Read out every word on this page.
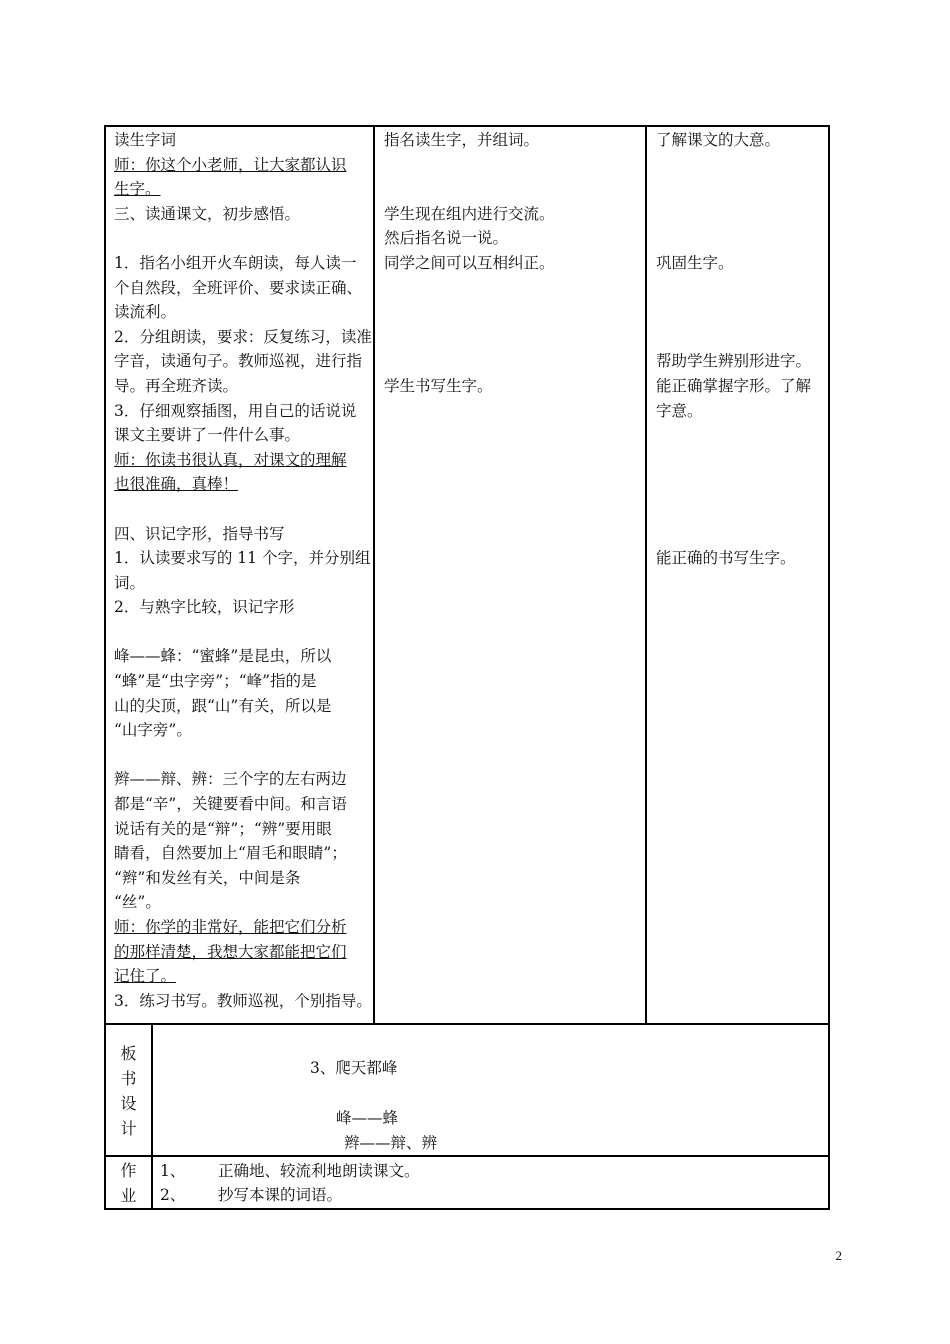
读生字词

师：你这个小老师，让大家都认识

生字。

三、读通课文，初步感悟。

1．指名小组开火车朗读，每人读一

个自然段，全班评价、要求读正确、

读流利。

2．分组朗读，要求：反复练习，读准

字音，读通句子。教师巡视，进行指

导。再全班齐读。

3．仔细观察插图，用自己的话说说

课文主要讲了一件什么事。

师：你读书很认真，对课文的理解

也很准确，真棒！

四、识记字形，指导书写

1．认读要求写的 11 个字，并分别组

词。

2．与熟字比较，识记字形

峰——蜂：“蜜蜂”是昆虫，所以

“蜂”是“虫字旁”；“峰”指的是

山的尖顶，跟“山”有关，所以是

“山字旁”。

辫——辩、辨：三个字的左右两边

都是“辛”，关键要看中间。和言语

说话有关的是“辩”；“辨”要用眼

睛看，自然要加上“眉毛和眼睛”；

“辫”和发丝有关，中间是条

“丝”。

师：你学的非常好，能把它们分析

的那样清楚，我想大家都能把它们

记住了。

3．练习书写。教师巡视，个别指导。

指名读生字，并组词。

学生现在组内进行交流。

然后指名说一说。

同学之间可以互相纠正。

学生书写生字。

了解课文的大意。

巩固生字。

帮助学生辨别形进字。

能正确掌握字形。了解

字意。

能正确的书写生字。

板
书
设
计
3、爬天都峰
峰——蜂
辫——辩、辨
作
业
1、 正确地、较流利地朗读课文。
2、 抄写本课的词语。
2
